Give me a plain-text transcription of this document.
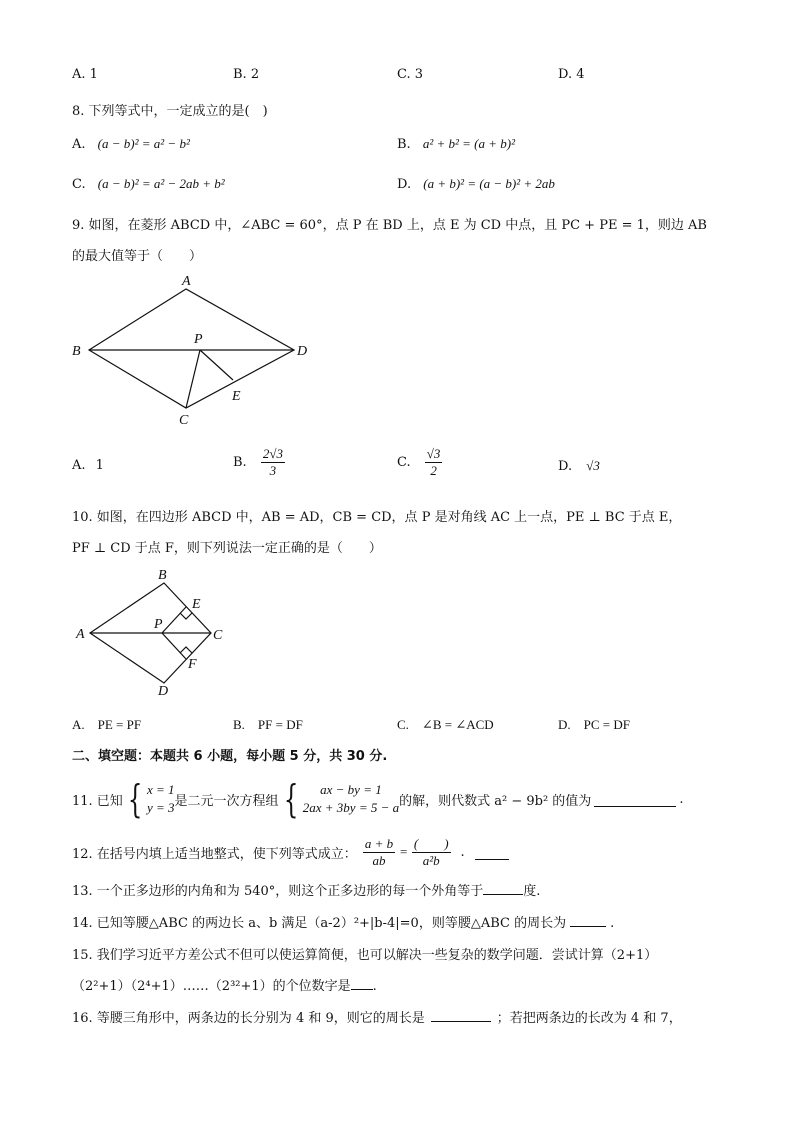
A. 1	B. 2	C. 3	D. 4
8. 下列等式中，一定成立的是(　)
A. (a − b)² = a² − b²	B. a² + b² = (a + b)²
C. (a − b)² = a² − 2ab + b²	D. (a + b)² = (a − b)² + 2ab
9. 如图，在菱形 ABCD 中，∠ABC = 60°，点 P 在 BD 上，点 E 为 CD 中点，且 PC + PE = 1，则边 AB
的最大值等于（　　）
A
B	D
P
C
E
A. 1	B. $\frac{2√3}{3}$	C. $\frac{√3}{2}$	D. √3
10. 如图，在四边形 ABCD 中，AB = AD，CB = CD，点 P 是对角线 AC 上一点，PE ⊥ BC 于点 E，
PF ⊥ CD 于点 F，则下列说法一定正确的是（　　）
A
B
C
D
P
E
F
A.　PE = PF	B.　PF = DF	C.　∠B = ∠ACD	D.　PC = DF
二、填空题：本题共 6 小题，每小题 5 分，共 30 分.
11. 已知 { x = 1
y = 3 是二元一次方程组 {	ax − by = 1
2ax + 3by = 5 − a 的解，则代数式 a² − 9b² 的值为	.
12. 在括号内填上适当地整式，使下列等式成立： $\frac{a + b}{ab} = \frac{( )}{\text{a²b}}$ .
13. 一个正多边形的内角和为 540°，则这个正多边形的每一个外角等于	度.
14. 已知等腰△ABC 的两边长 a、b 满足（a-2）²+|b-4|=0，则等腰△ABC 的周长为	.
15. 我们学习近平方差公式不但可以使运算简便，也可以解决一些复杂的数学问题．尝试计算（2+1）
（2²+1）（2⁴+1）……（2³²+1）的个位数字是 .
16. 等腰三角形中，两条边的长分别为 4 和 9，则它的周长是	；若把两条边的长改为 4 和 7，
